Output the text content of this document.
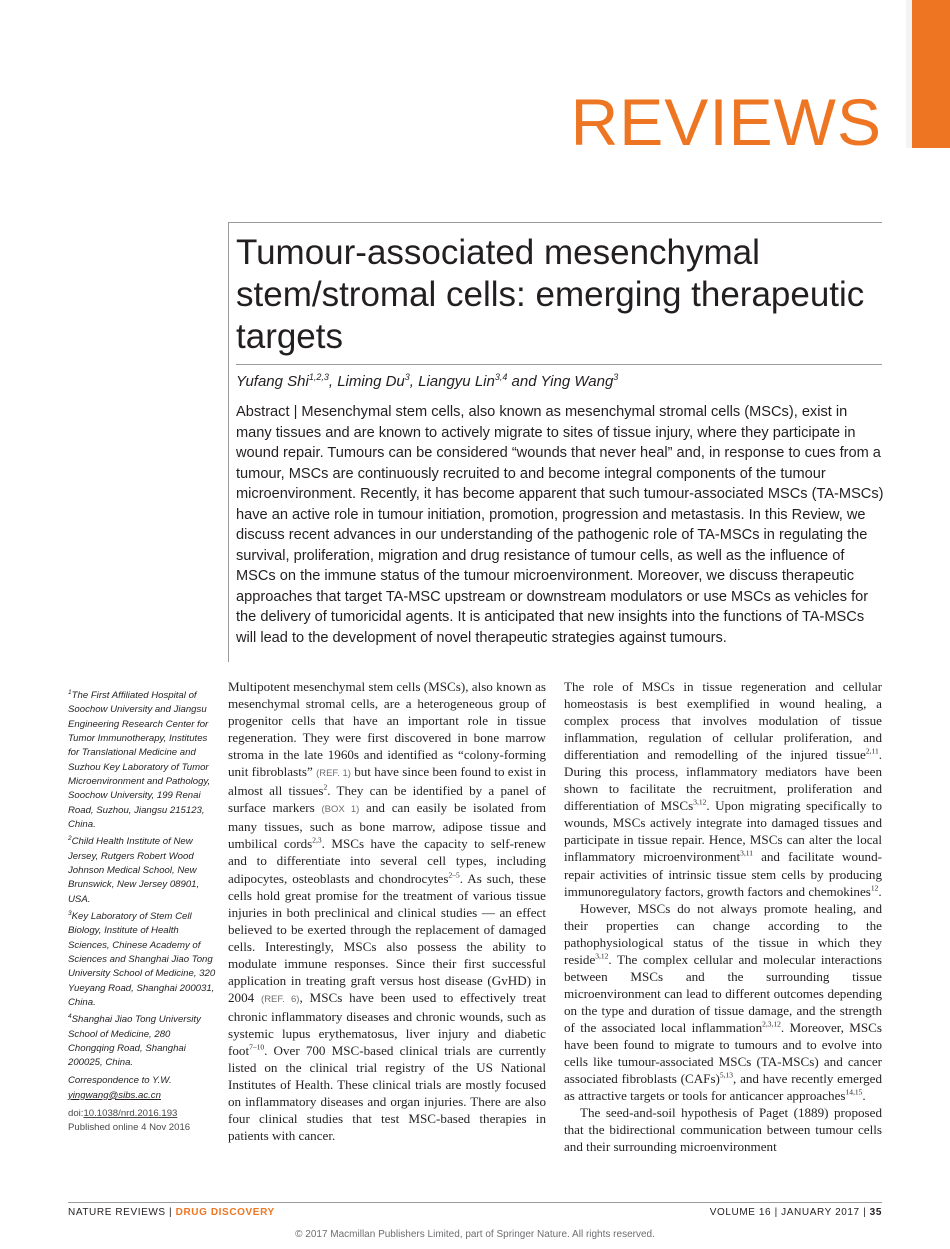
REVIEWS
Tumour-associated mesenchymal stem/stromal cells: emerging therapeutic targets
Yufang Shi$^{1,2,3}$, Liming Du$^3$, Liangyu Lin$^{3,4}$ and Ying Wang$^3$

Abstract | Mesenchymal stem cells, also known as mesenchymal stromal cells (MSCs), exist in many tissues and are known to actively migrate to sites of tissue injury, where they participate in wound repair. Tumours can be considered “wounds that never heal” and, in response to cues from a tumour, MSCs are continuously recruited to and become integral components of the tumour microenvironment. Recently, it has become apparent that such tumour-associated MSCs (TA-MSCs) have an active role in tumour initiation, promotion, progression and metastasis. In this Review, we discuss recent advances in our understanding of the pathogenic role of TA-MSCs in regulating the survival, proliferation, migration and drug resistance of tumour cells, as well as the influence of MSCs on the immune status of the tumour microenvironment. Moreover, we discuss therapeutic approaches that target TA-MSC upstream or downstream modulators or use MSCs as vehicles for the delivery of tumoricidal agents. It is anticipated that new insights into the functions of TA-MSCs will lead to the development of novel therapeutic strategies against tumours.

$^1$The First Affiliated Hospital of Soochow University and Jiangsu Engineering Research Center for Tumor Immunotherapy, Institutes for Translational Medicine and Suzhou Key Laboratory of Tumor Microenvironment and Pathology, Soochow University, 199 Renai Road, Suzhou, Jiangsu 215123, China.

$^2$Child Health Institute of New Jersey, Rutgers Robert Wood Johnson Medical School, New Brunswick, New Jersey 08901, USA.

$^3$Key Laboratory of Stem Cell Biology, Institute of Health Sciences, Chinese Academy of Sciences and Shanghai Jiao Tong University School of Medicine, 320 Yueyang Road, Shanghai 200031, China.

$^4$Shanghai Jiao Tong University School of Medicine, 280 Chongqing Road, Shanghai 200025, China.

Correspondence to Y.W.

yingwang@sibs.ac.cn

doi:10.1038/nrd.2016.193

Published online 4 Nov 2016

Multipotent mesenchymal stem cells (MSCs), also known as mesenchymal stromal cells, are a heterogeneous group of progenitor cells that have an important role in tissue regeneration. They were first discovered in bone marrow stroma in the late 1960s and identified as “colony-forming unit fibroblasts” (REF. 1) but have since been found to exist in almost all tissues$^2$. They can be identified by a panel of surface markers (BOX 1) and can easily be isolated from many tissues, such as bone marrow, adipose tissue and umbilical cords$^{2,3}$. MSCs have the capacity to self-renew and to differentiate into several cell types, including adipocytes, osteoblasts and chondrocytes$^{2-5}$. As such, these cells hold great promise for the treatment of various tissue injuries in both preclinical and clinical studies — an effect believed to be exerted through the replacement of damaged cells. Interestingly, MSCs also possess the ability to modulate immune responses. Since their first successful application in treating graft versus host disease (GvHD) in 2004 (REF. 6), MSCs have been used to effectively treat chronic inflammatory diseases and chronic wounds, such as systemic lupus erythematosus, liver injury and diabetic foot$^{7-10}$. Over 700 MSC-based clinical trials are currently listed on the clinical trial registry of the US National Institutes of Health. These clinical trials are mostly focused on inflammatory diseases and organ injuries. There are also four clinical studies that test MSC-based therapies in patients with cancer.

The role of MSCs in tissue regeneration and cellular homeostasis is best exemplified in wound healing, a complex process that involves modulation of tissue inflammation, regulation of cellular proliferation, and differentiation and remodelling of the injured tissue$^{2,11}$. During this process, inflammatory mediators have been shown to facilitate the recruitment, proliferation and differentiation of MSCs$^{3,12}$. Upon migrating specifically to wounds, MSCs actively integrate into damaged tissues and participate in tissue repair. Hence, MSCs can alter the local inflammatory microenvironment$^{3,11}$ and facilitate wound-repair activities of intrinsic tissue stem cells by producing immunoregulatory factors, growth factors and chemokines$^{12}$.

However, MSCs do not always promote healing, and their properties can change according to the pathophysiological status of the tissue in which they reside$^{3,12}$. The complex cellular and molecular interactions between MSCs and the surrounding tissue microenvironment can lead to different outcomes depending on the type and duration of tissue damage, and the strength of the associated local inflammation$^{2,3,12}$. Moreover, MSCs have been found to migrate to tumours and to evolve into cells like tumour-associated MSCs (TA-MSCs) and cancer associated fibroblasts (CAFs)$^{5,13}$, and have recently emerged as attractive targets or tools for anticancer approaches$^{14,15}$.

The seed-and-soil hypothesis of Paget (1889) proposed that the bidirectional communication between tumour cells and their surrounding microenvironment

NATURE REVIEWS | DRUG DISCOVERY	VOLUME 16 | JANUARY 2017 | 35
© 2017 Macmillan Publishers Limited, part of Springer Nature. All rights reserved.
